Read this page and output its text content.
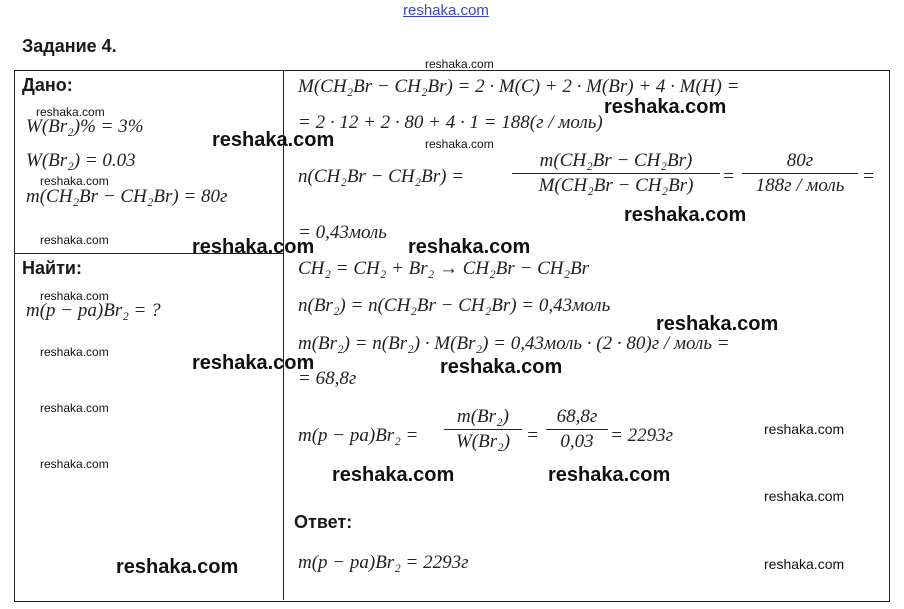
reshaka.com
Задание 4.
Дано:
W(Br₂)% = 3%
W(Br₂) = 0.03
m(CH₂Br − CH₂Br) = 80г
Найти:
m(р − ра)Br₂ = ?
M(CH₂Br − CH₂Br) = 2 · M(C) + 2 · M(Br) + 4 · M(H) =
= 2 · 12 + 2 · 80 + 4 · 1 = 188(г / моль)
n(CH₂Br − CH₂Br) =
m(CH₂Br − CH₂Br)
M(CH₂Br − CH₂Br)	=
80г
188г / моль =
= 0,43моль
CH₂ = CH₂ + Br₂ → CH₂Br − CH₂Br
n(Br₂) = n(CH₂Br − CH₂Br) = 0,43моль
m(Br₂) = n(Br₂) · M(Br₂) = 0,43моль · (2 · 80)г / моль =
= 68,8г
m(р − ра)Br₂ =
m(Br₂)
W(Br₂) =
68,8г
0,03 = 2293г
Ответ:
m(р − ра)Br₂ = 2293г
reshaka.com
reshaka.com
reshaka.com
reshaka.com
reshaka.com
reshaka.com
reshaka.com
reshaka.com
reshaka.com
reshaka.com
reshaka.com
reshaka.com
reshaka.com
reshaka.com
reshaka.com
reshaka.com	reshaka.com
reshaka.com
reshaka.com	reshaka.com
reshaka.com	reshaka.com
reshaka.com
